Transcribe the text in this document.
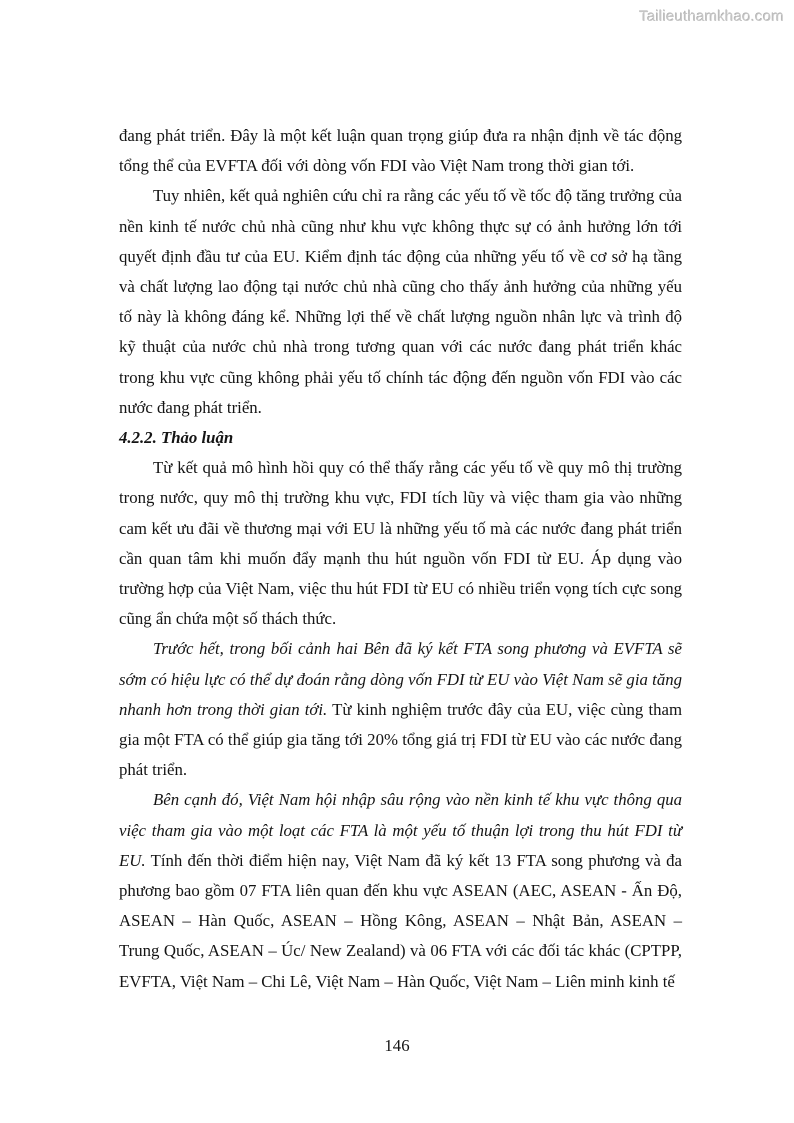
Tailieuthamkhao.com

đang phát triển. Đây là một kết luận quan trọng giúp đưa ra nhận định về tác động tổng thể của EVFTA đối với dòng vốn FDI vào Việt Nam trong thời gian tới.

Tuy nhiên, kết quả nghiên cứu chỉ ra rằng các yếu tố về tốc độ tăng trưởng của nền kinh tế nước chủ nhà cũng như khu vực không thực sự có ảnh hưởng lớn tới quyết định đầu tư của EU. Kiểm định tác động của những yếu tố về cơ sở hạ tầng và chất lượng lao động tại nước chủ nhà cũng cho thấy ảnh hưởng của những yếu tố này là không đáng kể. Những lợi thế về chất lượng nguồn nhân lực và trình độ kỹ thuật của nước chủ nhà trong tương quan với các nước đang phát triển khác trong khu vực cũng không phải yếu tố chính tác động đến nguồn vốn FDI vào các nước đang phát triển.

4.2.2. Thảo luận

Từ kết quả mô hình hồi quy có thể thấy rằng các yếu tố về quy mô thị trường trong nước, quy mô thị trường khu vực, FDI tích lũy và việc tham gia vào những cam kết ưu đãi về thương mại với EU là những yếu tố mà các nước đang phát triển cần quan tâm khi muốn đẩy mạnh thu hút nguồn vốn FDI từ EU. Áp dụng vào trường hợp của Việt Nam, việc thu hút FDI từ EU có nhiều triển vọng tích cực song cũng ẩn chứa một số thách thức.

Trước hết, trong bối cảnh hai Bên đã ký kết FTA song phương và EVFTA sẽ sớm có hiệu lực có thể dự đoán rằng dòng vốn FDI từ EU vào Việt Nam sẽ gia tăng nhanh hơn trong thời gian tới. Từ kinh nghiệm trước đây của EU, việc cùng tham gia một FTA có thể giúp gia tăng tới 20% tổng giá trị FDI từ EU vào các nước đang phát triển.

Bên cạnh đó, Việt Nam hội nhập sâu rộng vào nền kinh tế khu vực thông qua việc tham gia vào một loạt các FTA là một yếu tố thuận lợi trong thu hút FDI từ EU. Tính đến thời điểm hiện nay, Việt Nam đã ký kết 13 FTA song phương và đa phương bao gồm 07 FTA liên quan đến khu vực ASEAN (AEC, ASEAN - Ấn Độ, ASEAN – Hàn Quốc, ASEAN – Hồng Kông, ASEAN – Nhật Bản, ASEAN – Trung Quốc, ASEAN – Úc/ New Zealand) và 06 FTA với các đối tác khác (CPTPP, EVFTA, Việt Nam – Chi Lê, Việt Nam – Hàn Quốc, Việt Nam – Liên minh kinh tế

146
